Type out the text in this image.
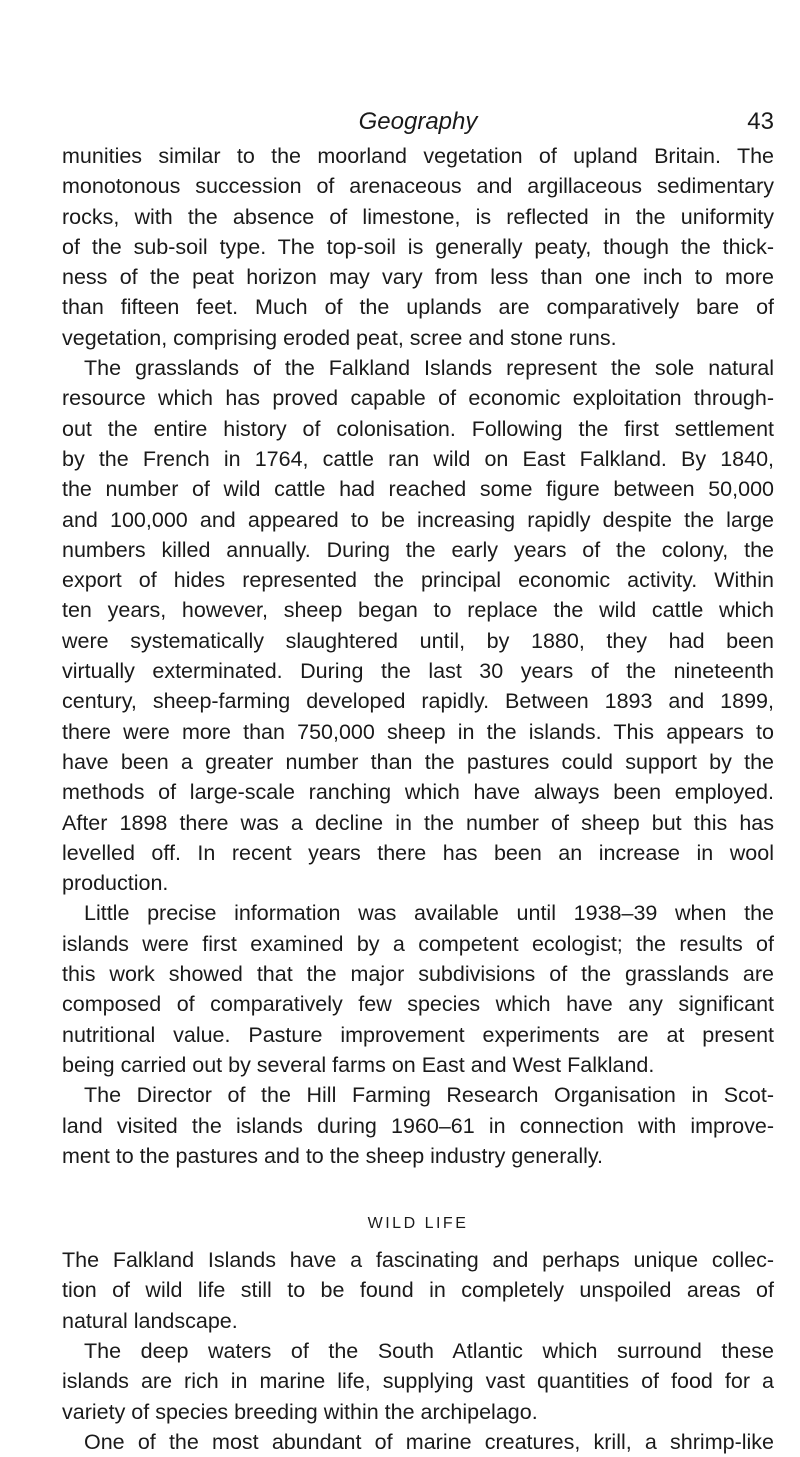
Geography	43
munities similar to the moorland vegetation of upland Britain. The
monotonous succession of arenaceous and argillaceous sedimentary
rocks, with the absence of limestone, is reflected in the uniformity
of the sub-soil type. The top-soil is generally peaty, though the thick-
ness of the peat horizon may vary from less than one inch to more
than fifteen feet. Much of the uplands are comparatively bare of
vegetation, comprising eroded peat, scree and stone runs.
The grasslands of the Falkland Islands represent the sole natural
resource which has proved capable of economic exploitation through-
out the entire history of colonisation. Following the first settlement
by the French in 1764, cattle ran wild on East Falkland. By 1840,
the number of wild cattle had reached some figure between 50,000
and 100,000 and appeared to be increasing rapidly despite the large
numbers killed annually. During the early years of the colony, the
export of hides represented the principal economic activity. Within
ten years, however, sheep began to replace the wild cattle which
were systematically slaughtered until, by 1880, they had been
virtually exterminated. During the last 30 years of the nineteenth
century, sheep-farming developed rapidly. Between 1893 and 1899,
there were more than 750,000 sheep in the islands. This appears to
have been a greater number than the pastures could support by the
methods of large-scale ranching which have always been employed.
After 1898 there was a decline in the number of sheep but this has
levelled off. In recent years there has been an increase in wool
production.
Little precise information was available until 1938–39 when the
islands were first examined by a competent ecologist; the results of
this work showed that the major subdivisions of the grasslands are
composed of comparatively few species which have any significant
nutritional value. Pasture improvement experiments are at present
being carried out by several farms on East and West Falkland.
The Director of the Hill Farming Research Organisation in Scot-
land visited the islands during 1960–61 in connection with improve-
ment to the pastures and to the sheep industry generally.
WILD LIFE
The Falkland Islands have a fascinating and perhaps unique collec-
tion of wild life still to be found in completely unspoiled areas of
natural landscape.
The deep waters of the South Atlantic which surround these
islands are rich in marine life, supplying vast quantities of food for a
variety of species breeding within the archipelago.
One of the most abundant of marine creatures, krill, a shrimp-like
